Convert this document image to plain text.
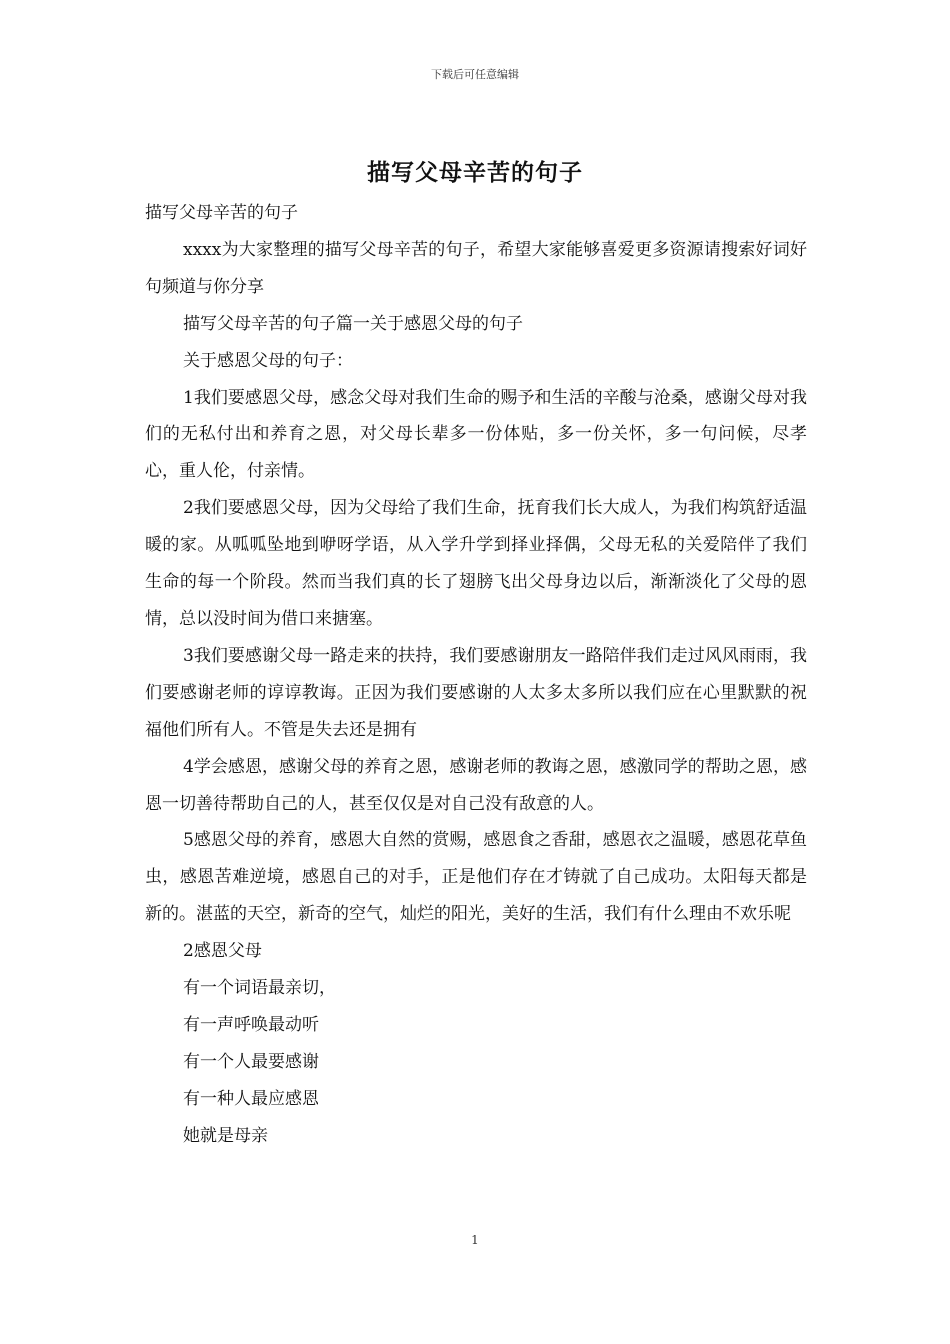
下载后可任意编辑
描写父母辛苦的句子

描写父母辛苦的句子

xxxx为大家整理的描写父母辛苦的句子，希望大家能够喜爱更多资源请搜索好词好句频道与你分享

描写父母辛苦的句子篇一关于感恩父母的句子

关于感恩父母的句子：

1我们要感恩父母，感念父母对我们生命的赐予和生活的辛酸与沧桑，感谢父母对我们的无私付出和养育之恩，对父母长辈多一份体贴，多一份关怀，多一句问候，尽孝心，重人伦，付亲情。

2我们要感恩父母，因为父母给了我们生命，抚育我们长大成人，为我们构筑舒适温暖的家。从呱呱坠地到咿呀学语，从入学升学到择业择偶，父母无私的关爱陪伴了我们生命的每一个阶段。然而当我们真的长了翅膀飞出父母身边以后，渐渐淡化了父母的恩情，总以没时间为借口来搪塞。

3我们要感谢父母一路走来的扶持，我们要感谢朋友一路陪伴我们走过风风雨雨，我们要感谢老师的谆谆教诲。正因为我们要感谢的人太多太多所以我们应在心里默默的祝福他们所有人。不管是失去还是拥有

4学会感恩，感谢父母的养育之恩，感谢老师的教诲之恩，感激同学的帮助之恩，感恩一切善待帮助自己的人，甚至仅仅是对自己没有敌意的人。

5感恩父母的养育，感恩大自然的赏赐，感恩食之香甜，感恩衣之温暖，感恩花草鱼虫，感恩苦难逆境，感恩自己的对手，正是他们存在才铸就了自己成功。太阳每天都是新的。湛蓝的天空，新奇的空气，灿烂的阳光，美好的生活，我们有什么理由不欢乐呢

2感恩父母

有一个词语最亲切，

有一声呼唤最动听

有一个人最要感谢

有一种人最应感恩

她就是母亲

1
